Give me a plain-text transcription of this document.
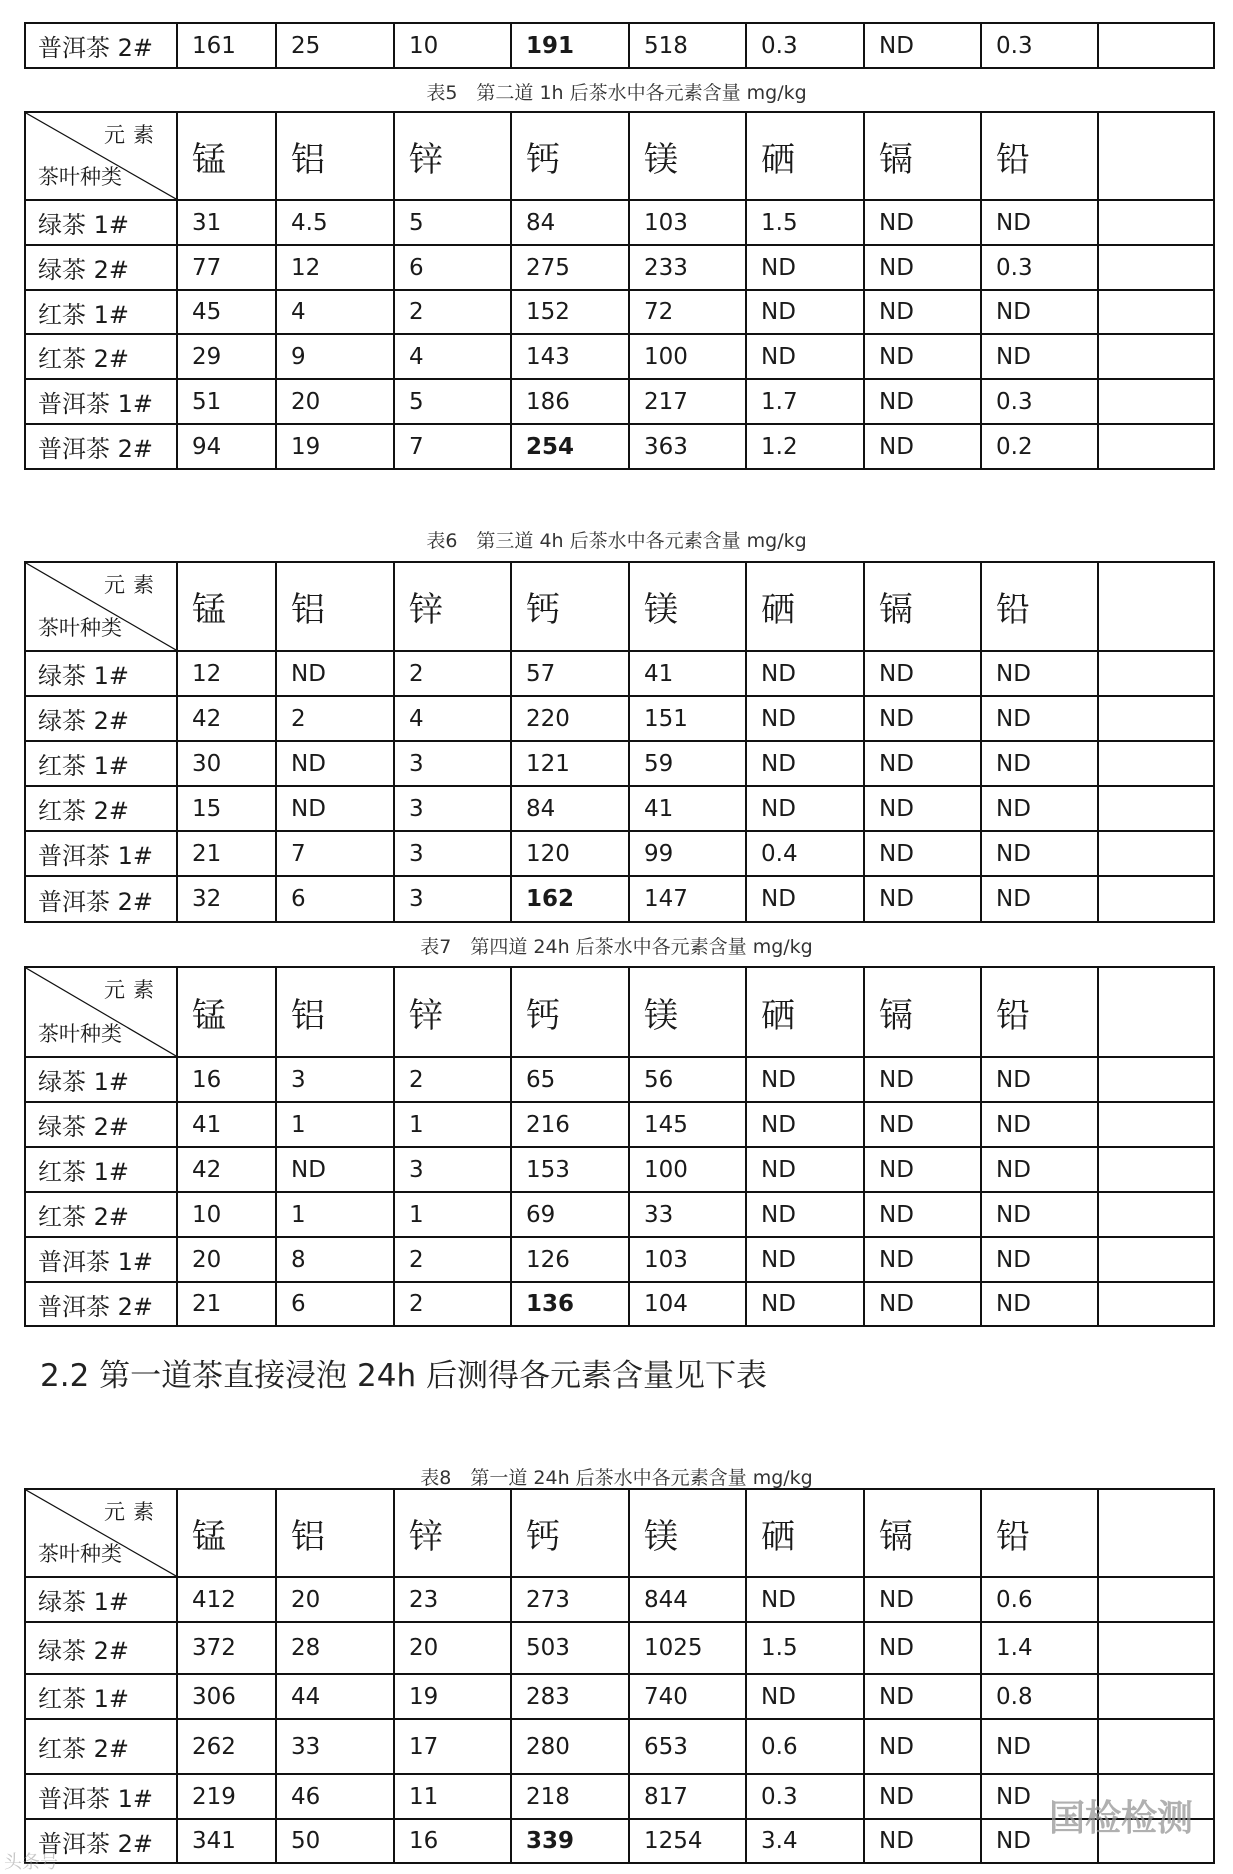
普洱茶 2#	161	25	10	191	518	0.3	ND	0.3	
表5　第二道 1h 后茶水中各元素含量 mg/kg
元素
茶叶种类	锰	铝	锌	钙	镁	硒	镉	铅	
绿茶 1#	31	4.5	5	84	103	1.5	ND	ND	
绿茶 2#	77	12	6	275	233	ND	ND	0.3	
红茶 1#	45	4	2	152	72	ND	ND	ND	
红茶 2#	29	9	4	143	100	ND	ND	ND	
普洱茶 1#	51	20	5	186	217	1.7	ND	0.3	
普洱茶 2#	94	19	7	254	363	1.2	ND	0.2	
表6　第三道 4h 后茶水中各元素含量 mg/kg
元素
茶叶种类	锰	铝	锌	钙	镁	硒	镉	铅	
绿茶 1#	12	ND	2	57	41	ND	ND	ND	
绿茶 2#	42	2	4	220	151	ND	ND	ND	
红茶 1#	30	ND	3	121	59	ND	ND	ND	
红茶 2#	15	ND	3	84	41	ND	ND	ND	
普洱茶 1#	21	7	3	120	99	0.4	ND	ND	
普洱茶 2#	32	6	3	162	147	ND	ND	ND	
表7　第四道 24h 后茶水中各元素含量 mg/kg
元素
茶叶种类	锰	铝	锌	钙	镁	硒	镉	铅	
绿茶 1#	16	3	2	65	56	ND	ND	ND	
绿茶 2#	41	1	1	216	145	ND	ND	ND	
红茶 1#	42	ND	3	153	100	ND	ND	ND	
红茶 2#	10	1	1	69	33	ND	ND	ND	
普洱茶 1#	20	8	2	126	103	ND	ND	ND	
普洱茶 2#	21	6	2	136	104	ND	ND	ND	
2.2 第一道茶直接浸泡 24h 后测得各元素含量见下表
表8　第一道 24h 后茶水中各元素含量 mg/kg
元素
茶叶种类	锰	铝	锌	钙	镁	硒	镉	铅	
绿茶 1#	412	20	23	273	844	ND	ND	0.6	
绿茶 2#	372	28	20	503	1025	1.5	ND	1.4	
红茶 1#	306	44	19	283	740	ND	ND	0.8	
红茶 2#	262	33	17	280	653	0.6	ND	ND	
普洱茶 1#	219	46	11	218	817	0.3	ND	ND	
普洱茶 2#	341	50	16	339	1254	3.4	ND	ND	
国检检测
头条号
